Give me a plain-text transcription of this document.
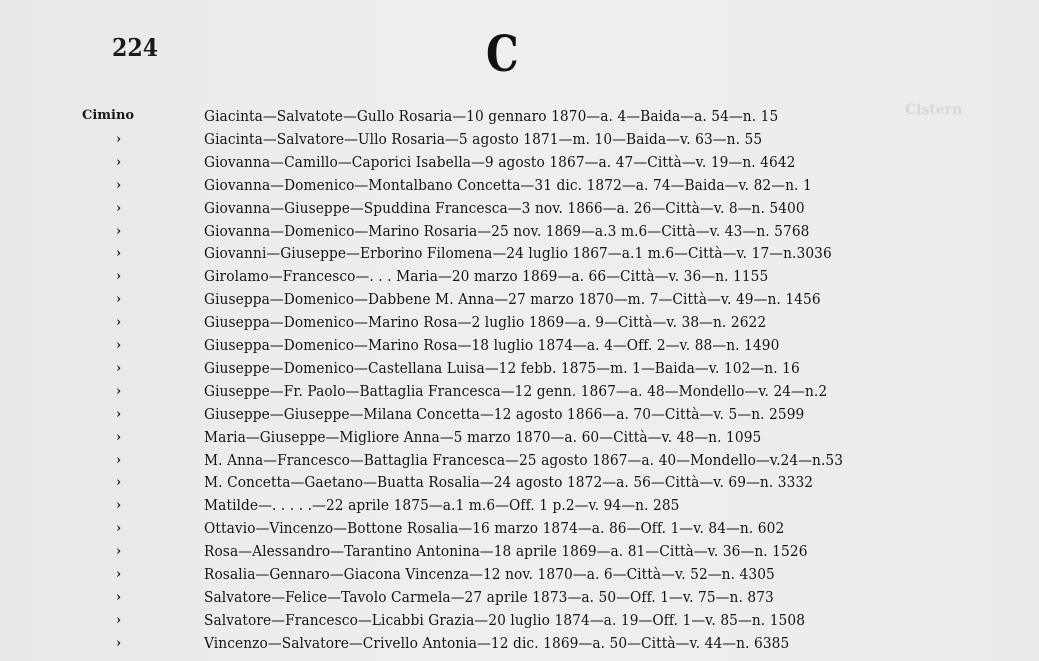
224	C
Cistern
Cimino	Giacinta—Salvatote—Gullo Rosaria—10 gennaro 1870—a. 4—Baida—a. 54—n. 15
›	Giacinta—Salvatore—Ullo Rosaria—5 agosto 1871—m. 10—Baida—v. 63—n. 55
›	Giovanna—Camillo—Caporici Isabella—9 agosto 1867—a. 47—Città—v. 19—n. 4642
›	Giovanna—Domenico—Montalbano Concetta—31 dic. 1872—a. 74—Baida—v. 82—n. 1
›	Giovanna—Giuseppe—Spuddina Francesca—3 nov. 1866—a. 26—Città—v. 8—n. 5400
›	Giovanna—Domenico—Marino Rosaria—25 nov. 1869—a.3 m.6—Città—v. 43—n. 5768
›	Giovanni—Giuseppe—Erborino Filomena—24 luglio 1867—a.1 m.6—Città—v. 17—n.3036
›	Girolamo—Francesco—. . . Maria—20 marzo 1869—a. 66—Città—v. 36—n. 1155
›	Giuseppa—Domenico—Dabbene M. Anna—27 marzo 1870—m. 7—Città—v. 49—n. 1456
›	Giuseppa—Domenico—Marino Rosa—2 luglio 1869—a. 9—Città—v. 38—n. 2622
›	Giuseppa—Domenico—Marino Rosa—18 luglio 1874—a. 4—Off. 2—v. 88—n. 1490
›	Giuseppe—Domenico—Castellana Luisa—12 febb. 1875—m. 1—Baida—v. 102—n. 16
›	Giuseppe—Fr. Paolo—Battaglia Francesca—12 genn. 1867—a. 48—Mondello—v. 24—n.2
›	Giuseppe—Giuseppe—Milana Concetta—12 agosto 1866—a. 70—Città—v. 5—n. 2599
›	Maria—Giuseppe—Migliore Anna—5 marzo 1870—a. 60—Città—v. 48—n. 1095
›	M. Anna—Francesco—Battaglia Francesca—25 agosto 1867—a. 40—Mondello—v.24—n.53
›	M. Concetta—Gaetano—Buatta Rosalia—24 agosto 1872—a. 56—Città—v. 69—n. 3332
›	Matilde—. . . . .—22 aprile 1875—a.1 m.6—Off. 1 p.2—v. 94—n. 285
›	Ottavio—Vincenzo—Bottone Rosalia—16 marzo 1874—a. 86—Off. 1—v. 84—n. 602
›	Rosa—Alessandro—Tarantino Antonina—18 aprile 1869—a. 81—Città—v. 36—n. 1526
›	Rosalia—Gennaro—Giacona Vincenza—12 nov. 1870—a. 6—Città—v. 52—n. 4305
›	Salvatore—Felice—Tavolo Carmela—27 aprile 1873—a. 50—Off. 1—v. 75—n. 873
›	Salvatore—Francesco—Licabbi Grazia—20 luglio 1874—a. 19—Off. 1—v. 85—n. 1508
›	Vincenzo—Salvatore—Crivello Antonia—12 dic. 1869—a. 50—Città—v. 44—n. 6385
